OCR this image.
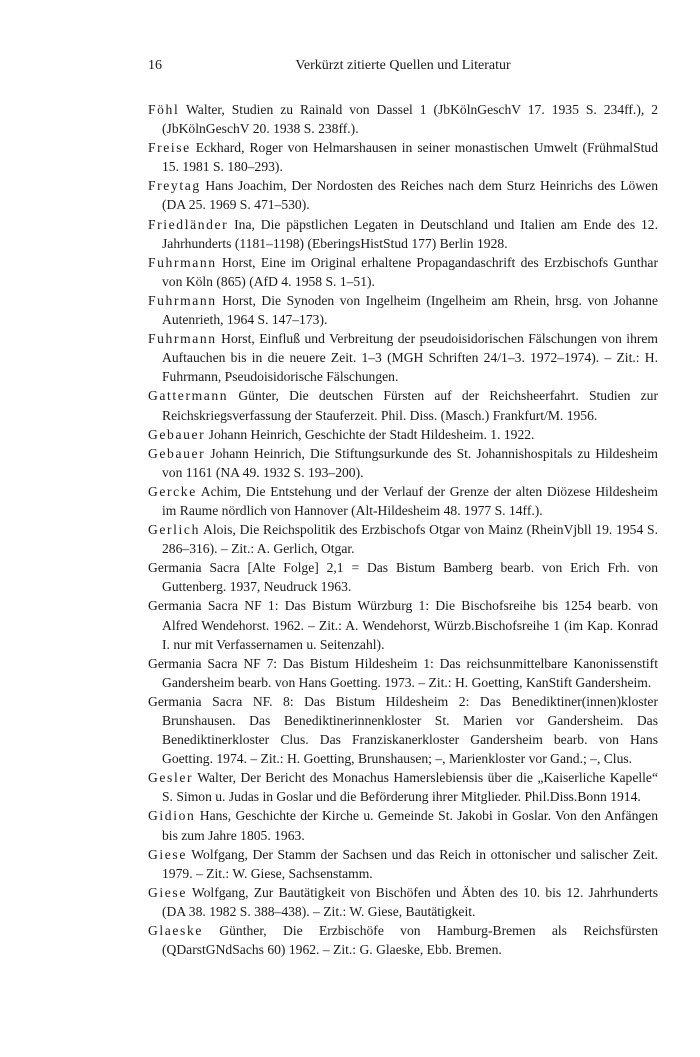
16	Verkürzt zitierte Quellen und Literatur

Föhl Walter, Studien zu Rainald von Dassel 1 (JbKölnGeschV 17. 1935 S. 234ff.), 2 (JbKölnGeschV 20. 1938 S. 238ff.).

Freise Eckhard, Roger von Helmarshausen in seiner monastischen Umwelt (FrühmalStud 15. 1981 S. 180–293).

Freytag Hans Joachim, Der Nordosten des Reiches nach dem Sturz Heinrichs des Löwen (DA 25. 1969 S. 471–530).

Friedländer Ina, Die päpstlichen Legaten in Deutschland und Italien am Ende des 12. Jahrhunderts (1181–1198) (EberingsHistStud 177) Berlin 1928.

Fuhrmann Horst, Eine im Original erhaltene Propagandaschrift des Erzbischofs Gunthar von Köln (865) (AfD 4. 1958 S. 1–51).

Fuhrmann Horst, Die Synoden von Ingelheim (Ingelheim am Rhein, hrsg. von Johanne Autenrieth, 1964 S. 147–173).

Fuhrmann Horst, Einfluß und Verbreitung der pseudoisidorischen Fälschungen von ihrem Auftauchen bis in die neuere Zeit. 1–3 (MGH Schriften 24/1–3. 1972–1974). – Zit.: H. Fuhrmann, Pseudoisidorische Fälschungen.

Gattermann Günter, Die deutschen Fürsten auf der Reichsheerfahrt. Studien zur Reichskriegsverfassung der Stauferzeit. Phil. Diss. (Masch.) Frankfurt/M. 1956.

Gebauer Johann Heinrich, Geschichte der Stadt Hildesheim. 1. 1922.

Gebauer Johann Heinrich, Die Stiftungsurkunde des St. Johannishospitals zu Hildesheim von 1161 (NA 49. 1932 S. 193–200).

Gercke Achim, Die Entstehung und der Verlauf der Grenze der alten Diözese Hildesheim im Raume nördlich von Hannover (Alt-Hildesheim 48. 1977 S. 14ff.).

Gerlich Alois, Die Reichspolitik des Erzbischofs Otgar von Mainz (RheinVjbll 19. 1954 S. 286–316). – Zit.: A. Gerlich, Otgar.

Germania Sacra [Alte Folge] 2,1 = Das Bistum Bamberg bearb. von Erich Frh. von Guttenberg. 1937, Neudruck 1963.

Germania Sacra NF 1: Das Bistum Würzburg 1: Die Bischofsreihe bis 1254 bearb. von Alfred Wendehorst. 1962. – Zit.: A. Wendehorst, Würzb.Bischofsreihe 1 (im Kap. Konrad I. nur mit Verfassernamen u. Seitenzahl).

Germania Sacra NF 7: Das Bistum Hildesheim 1: Das reichsunmittelbare Kanonissenstift Gandersheim bearb. von Hans Goetting. 1973. – Zit.: H. Goetting, KanStift Gandersheim.

Germania Sacra NF. 8: Das Bistum Hildesheim 2: Das Benediktiner(innen)kloster Brunshausen. Das Benediktinerinnenkloster St. Marien vor Gandersheim. Das Benediktinerkloster Clus. Das Franziskanerkloster Gandersheim bearb. von Hans Goetting. 1974. – Zit.: H. Goetting, Brunshausen; –, Marienkloster vor Gand.; –, Clus.

Gesler Walter, Der Bericht des Monachus Hamerslebiensis über die „Kaiserliche Kapelle“ S. Simon u. Judas in Goslar und die Beförderung ihrer Mitglieder. Phil.Diss.Bonn 1914.

Gidion Hans, Geschichte der Kirche u. Gemeinde St. Jakobi in Goslar. Von den Anfängen bis zum Jahre 1805. 1963.

Giese Wolfgang, Der Stamm der Sachsen und das Reich in ottonischer und salischer Zeit. 1979. – Zit.: W. Giese, Sachsenstamm.

Giese Wolfgang, Zur Bautätigkeit von Bischöfen und Äbten des 10. bis 12. Jahrhunderts (DA 38. 1982 S. 388–438). – Zit.: W. Giese, Bautätigkeit.

Glaeske Günther, Die Erzbischöfe von Hamburg-Bremen als Reichsfürsten (QDarstGNdSachs 60) 1962. – Zit.: G. Glaeske, Ebb. Bremen.
